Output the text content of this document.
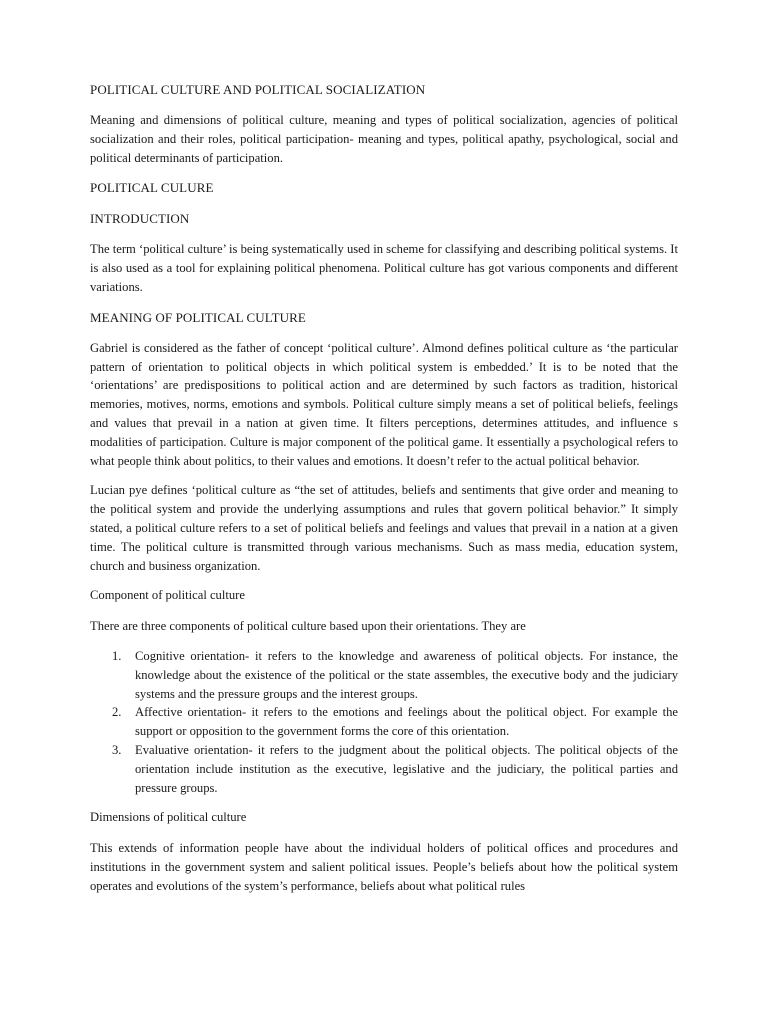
POLITICAL CULTURE AND POLITICAL SOCIALIZATION

Meaning and dimensions of political culture, meaning and types of political socialization, agencies of political socialization and their roles, political participation- meaning and types, political apathy, psychological, social and political determinants of participation.

POLITICAL CULURE

INTRODUCTION

The term ‘political culture’ is being systematically used in scheme for classifying and describing political systems. It is also used as a tool for explaining political phenomena. Political culture has got various components and different variations.

MEANING OF POLITICAL CULTURE

Gabriel is considered as the father of concept ‘political culture’. Almond defines political culture as ‘the particular pattern of orientation to political objects in which political system is embedded.’ It is to be noted that the ‘orientations’ are predispositions to political action and are determined by such factors as tradition, historical memories, motives, norms, emotions and symbols. Political culture simply means a set of political beliefs, feelings and values that prevail in a nation at given time. It filters perceptions, determines attitudes, and influence s modalities of participation. Culture is major component of the political game. It essentially a psychological refers to what people think about politics, to their values and emotions. It doesn’t refer to the actual political behavior.

Lucian pye defines ‘political culture as “the set of attitudes, beliefs and sentiments that give order and meaning to the political system and provide the underlying assumptions and rules that govern political behavior.” It simply stated, a political culture refers to a set of political beliefs and feelings and values that prevail in a nation at a given time. The political culture is transmitted through various mechanisms. Such as mass media, education system, church and business organization.

Component of political culture

There are three components of political culture based upon their orientations. They are

1. Cognitive orientation- it refers to the knowledge and awareness of political objects. For instance, the knowledge about the existence of the political or the state assembles, the executive body and the judiciary systems and the pressure groups and the interest groups.
2. Affective orientation- it refers to the emotions and feelings about the political object. For example the support or opposition to the government forms the core of this orientation.
3. Evaluative orientation- it refers to the judgment about the political objects. The political objects of the orientation include institution as the executive, legislative and the judiciary, the political parties and pressure groups.

Dimensions of political culture

This extends of information people have about the individual holders of political offices and procedures and institutions in the government system and salient political issues. People’s beliefs about how the political system operates and evolutions of the system’s performance, beliefs about what political rules
